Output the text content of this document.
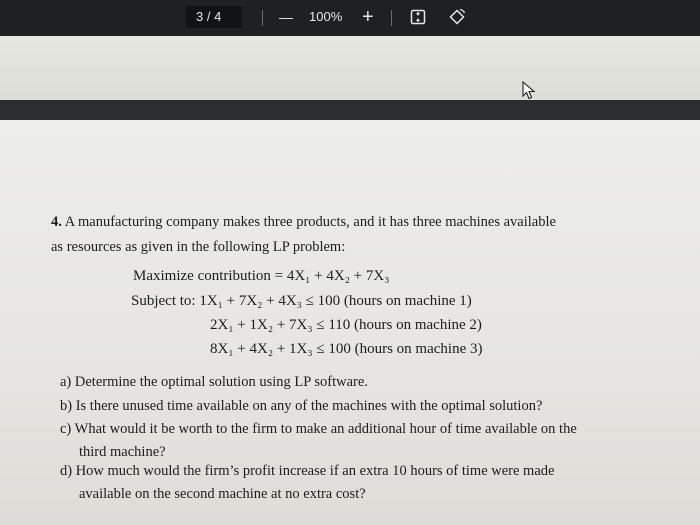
3 / 4	— 100% +
4. A manufacturing company makes three products, and it has three machines available
as resources as given in the following LP problem:
Maximize contribution = 4X₁ + 4X₂ + 7X₃
Subject to: 1X₁ + 7X₂ + 4X₃ ≤ 100 (hours on machine 1)
2X₁ + 1X₂ + 7X₃ ≤ 110 (hours on machine 2)
8X₁ + 4X₂ + 1X₃ ≤ 100 (hours on machine 3)
a) Determine the optimal solution using LP software.
b) Is there unused time available on any of the machines with the optimal solution?
c) What would it be worth to the firm to make an additional hour of time available on the
third machine?
d) How much would the firm’s profit increase if an extra 10 hours of time were made
available on the second machine at no extra cost?
